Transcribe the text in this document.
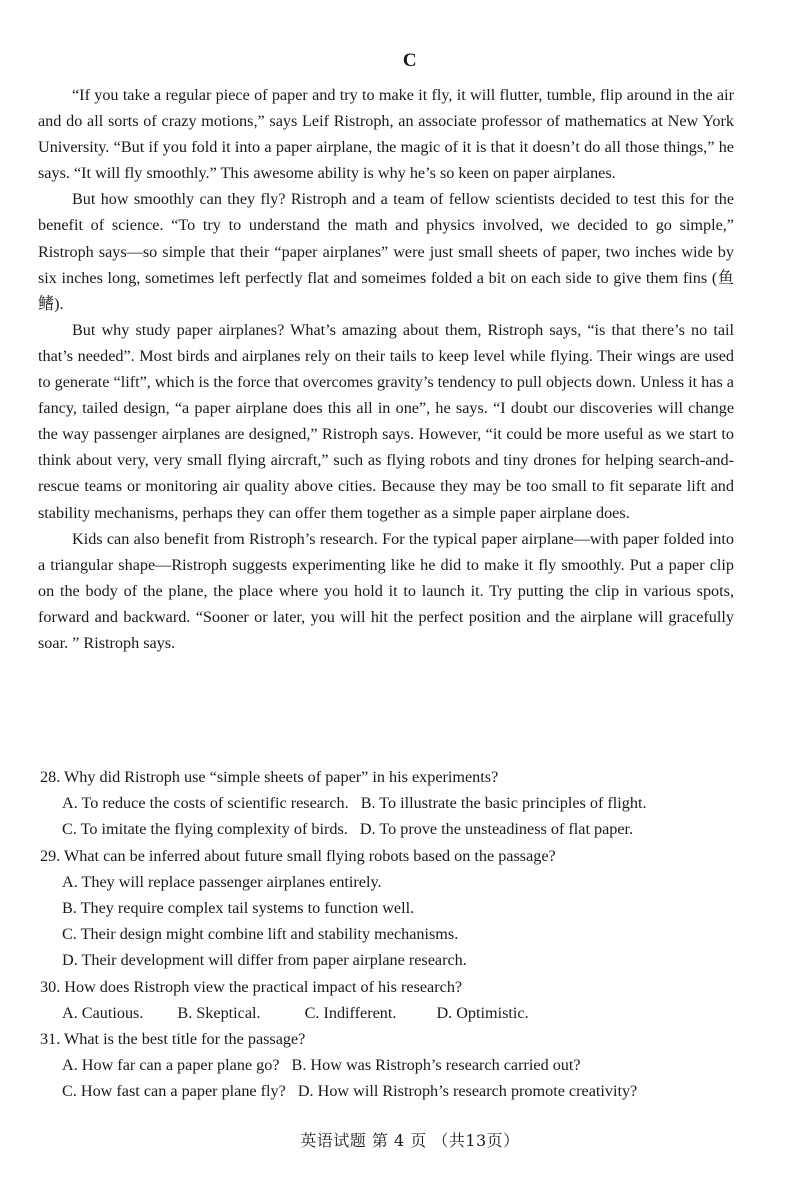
C

“If you take a regular piece of paper and try to make it fly, it will flutter, tumble, flip around in the air and do all sorts of crazy motions,” says Leif Ristroph, an associate professor of mathematics at New York University. “But if you fold it into a paper airplane, the magic of it is that it doesn’t do all those things,” he says. “It will fly smoothly.” This awesome ability is why he’s so keen on paper airplanes.

But how smoothly can they fly? Ristroph and a team of fellow scientists decided to test this for the benefit of science. “To try to understand the math and physics involved, we decided to go simple,” Ristroph says—so simple that their “paper airplanes” were just small sheets of paper, two inches wide by six inches long, sometimes left perfectly flat and someimes folded a bit on each side to give them fins (鱼鳍).

But why study paper airplanes? What’s amazing about them, Ristroph says, “is that there’s no tail that’s needed”. Most birds and airplanes rely on their tails to keep level while flying. Their wings are used to generate “lift”, which is the force that overcomes gravity’s tendency to pull objects down. Unless it has a fancy, tailed design, “a paper airplane does this all in one”, he says. “I doubt our discoveries will change the way passenger airplanes are designed,” Ristroph says. However, “it could be more useful as we start to think about very, very small flying aircraft,” such as flying robots and tiny drones for helping search-and-rescue teams or monitoring air quality above cities. Because they may be too small to fit separate lift and stability mechanisms, perhaps they can offer them together as a simple paper airplane does.

Kids can also benefit from Ristroph’s research. For the typical paper airplane—with paper folded into a triangular shape—Ristroph suggests experimenting like he did to make it fly smoothly. Put a paper clip on the body of the plane, the place where you hold it to launch it. Try putting the clip in various spots, forward and backward. “Sooner or later, you will hit the perfect position and the airplane will gracefully soar. ” Ristroph says.

28. Why did Ristroph use “simple sheets of paper” in his experiments?
A. To reduce the costs of scientific research. B. To illustrate the basic principles of flight.
C. To imitate the flying complexity of birds. D. To prove the unsteadiness of flat paper.
29. What can be inferred about future small flying robots based on the passage?
A. They will replace passenger airplanes entirely.
B. They require complex tail systems to function well.
C. Their design might combine lift and stability mechanisms.
D. Their development will differ from paper airplane research.
30. How does Ristroph view the practical impact of his research?
A. Cautious. B. Skeptical.	C. Indifferent. D. Optimistic.
31. What is the best title for the passage?
A. How far can a paper plane go? B. How was Ristroph’s research carried out?
C. How fast can a paper plane fly? D. How will Ristroph’s research promote creativity?
英语试题 第 4 页 （共13页）
